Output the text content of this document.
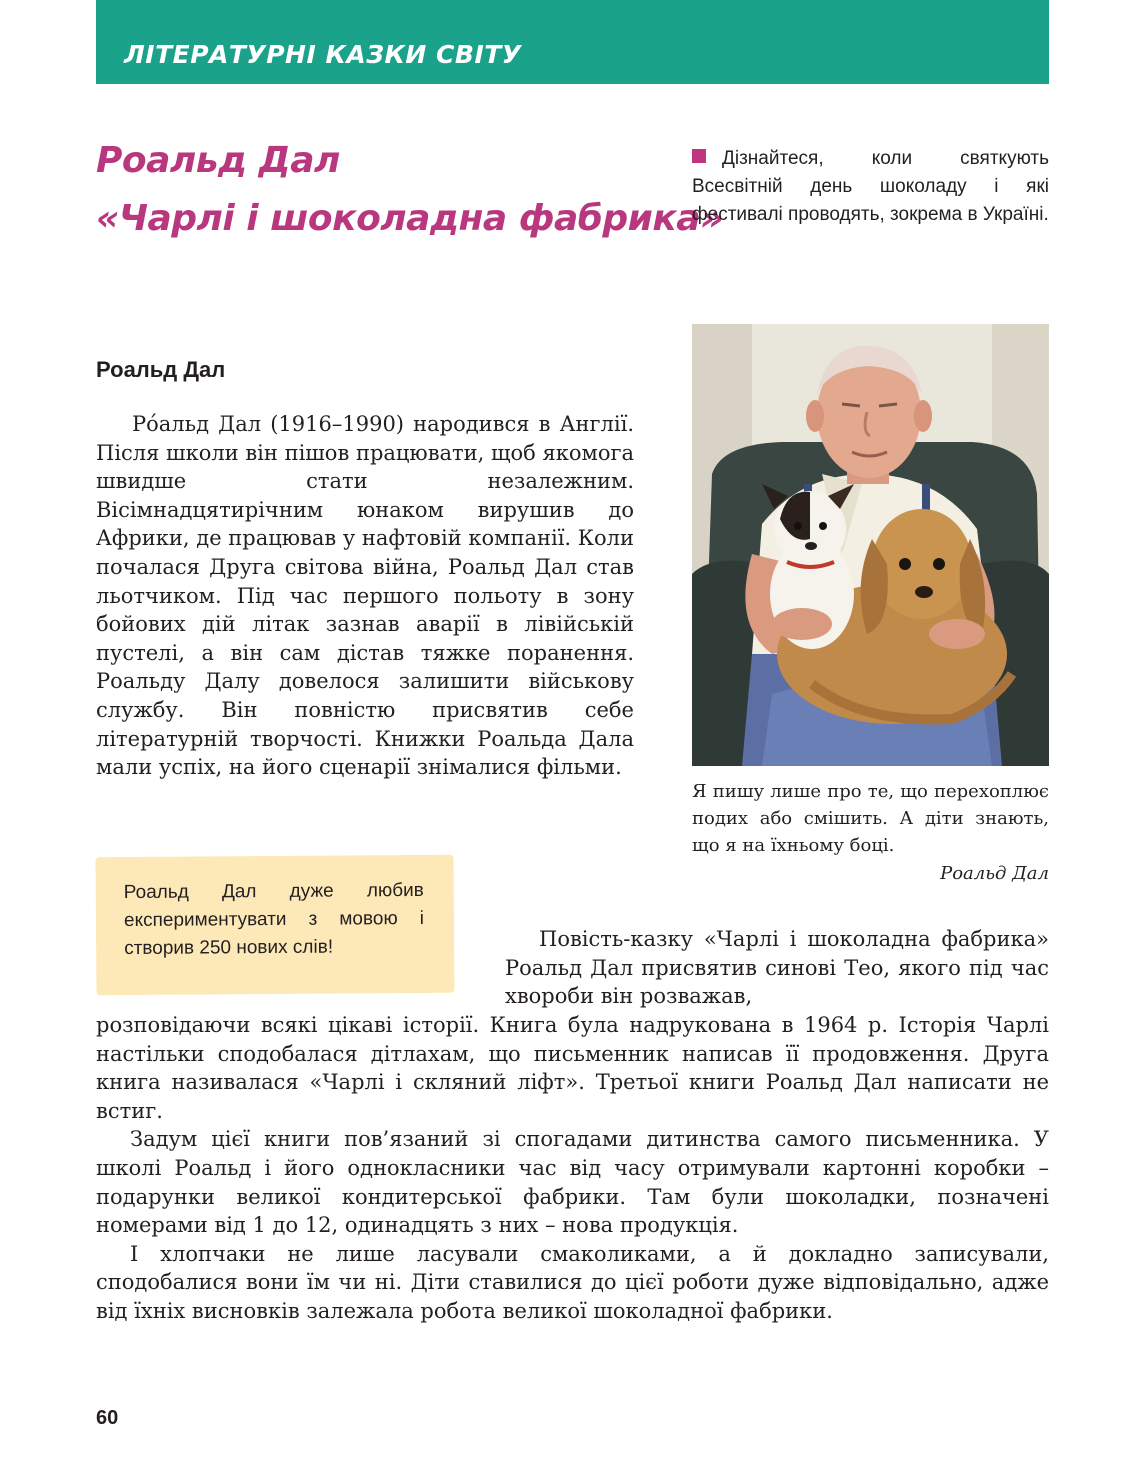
ЛІТЕРАТУРНІ КАЗКИ СВІТУ
Роальд Дал
«Чарлі і шоколадна фабрика»
Дізнайтеся, коли святкують Всесвітній день шоколаду і які фестивалі проводять, зокрема в Україні.
Я пишу лише про те, що перехоплює подих або смішить. А діти знають, що я на їхньому боці.
Роальд Дал
Роальд Дал

Ро́альд Дал (1916–1990) народився в Англії. Після школи він пішов працювати, щоб якомога швидше стати незалежним. Вісімнадцятирічним юнаком вирушив до Африки, де працював у нафтовій компанії. Коли почалася Друга світова війна, Роальд Дал став льотчиком. Під час першого польоту в зону бойових дій літак зазнав аварії в лівійській пустелі, а він сам дістав тяжке поранення. Роальду Далу довелося залишити військову службу. Він повністю присвятив себе літературній творчості. Книжки Роальда Дала мали успіх, на його сценарії знімалися фільми.

Роальд Дал дуже любив експериментувати з мовою і створив 250 нових слів!	Повість-казку «Чарлі і шоколадна фабрика» Роальд Дал присвятив синові Тео, якого під час хвороби він розважав,

розповідаючи всякі цікаві історії. Книга була надрукована в 1964 р. Історія Чарлі настільки сподобалася дітлахам, що письменник написав її продовження. Друга книга називалася «Чарлі і скляний ліфт». Третьої книги Роальд Дал написати не встиг.

Задум цієї книги пов’язаний зі спогадами дитинства самого письменника. У школі Роальд і його однокласники час від часу отримували картонні коробки – подарунки великої кондитерської фабрики. Там були шоколадки, позначені номерами від 1 до 12, одинадцять з них – нова продукція.

І хлопчаки не лише ласували смаколиками, а й докладно записували, сподобалися вони їм чи ні. Діти ставилися до цієї роботи дуже відповідально, адже від їхніх висновків залежала робота великої шоколадної фабрики.

60
